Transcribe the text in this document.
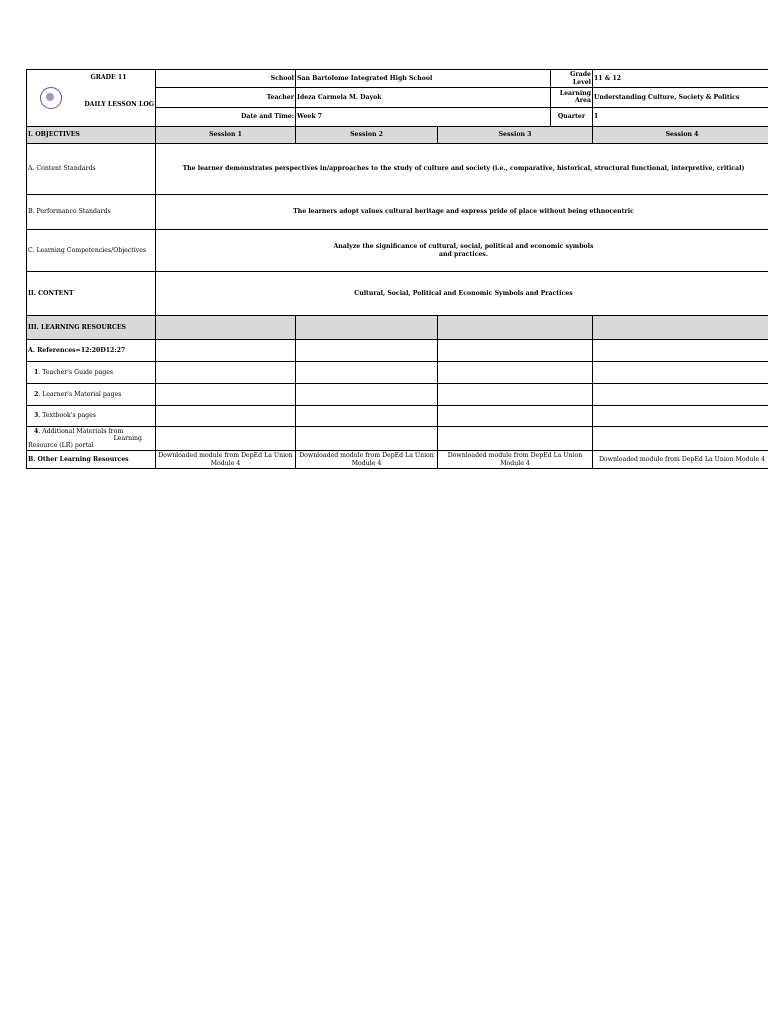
GRADE 11
DAILY LESSON LOG	School	San Bartolome Integrated High School		Grade Level	11 & 12
	Teacher	Ideza Carmela M. Dayok		Learning Area	Understanding Culture, Society & Politics
	Date and Time:	Week 7		Quarter	1
I. OBJECTIVES	Session 1	Session 2	Session 3		Session 4
A. Content Standards	The learner demonstrates perspectives in/approaches to the study of culture and society (i.e., comparative, historical, structural functional, interpretive, critical)				
B. Performance Standards	The learners adopt values cultural heritage and express pride of place without being ethnocentric				
C. Learning Competencies/Objectives	Analyze the significance of cultural, social, political and economic symbols and practices.				

II. CONTENT	Cultural, Social, Political and Economic Symbols and Practices				
III. LEARNING RESOURCES					
A. References=12:20D12:27					
1. Teacher's Guide pages					
2. Learner's Material pages					
3. Textbook's pages					

4. Additional Materials from
Learning
Resource (LR) portal					

B. Other Learning Resources	Downloaded module from DepEd La Union Module 4	Downloaded module from DepEd La Union Module 4	Downloaded module from DepEd La Union Module 4		Downloaded module from DepEd La Union Module 4
